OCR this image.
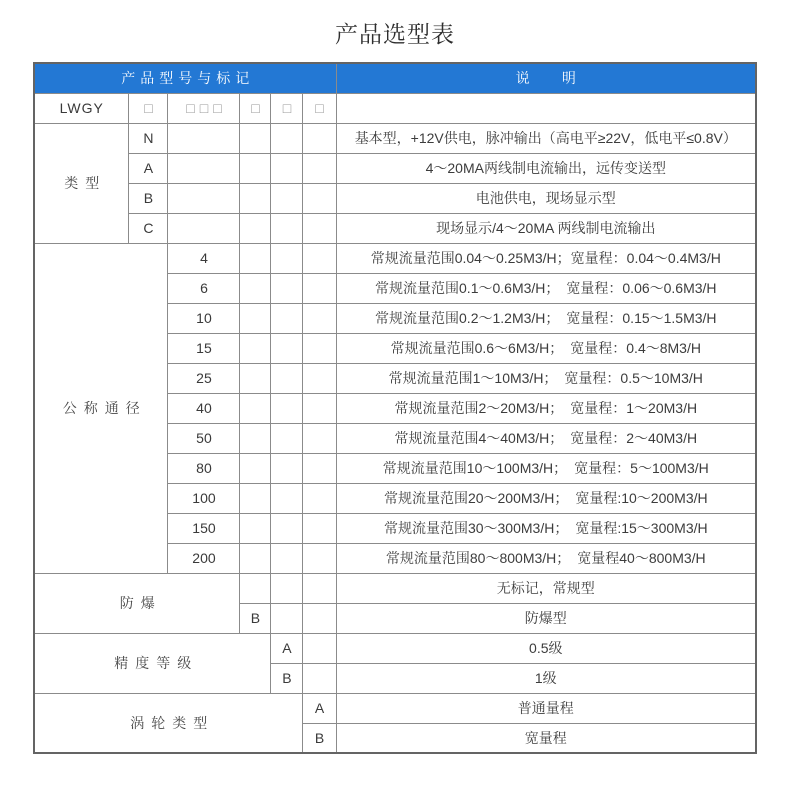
产品选型表
产品型号与标记						说明
LWGY	□	□□□	□	□	□	
类型	N					基本型，+12V供电，脉冲输出（高电平≥22V，低电平≤0.8V）
	A					4～20MA两线制电流输出，远传变送型
	B					电池供电，现场显示型
	C					现场显示/4～20MA 两线制电流输出
公称通径		4				常规流量范围0.04～0.25M3/H；宽量程：0.04～0.4M3/H
		6				常规流量范围0.1～0.6M3/H；　宽量程：0.06～0.6M3/H
		10				常规流量范围0.2～1.2M3/H；　宽量程：0.15～1.5M3/H
		15				常规流量范围0.6～6M3/H；　宽量程：0.4～8M3/H
		25				常规流量范围1～10M3/H；　宽量程：0.5～10M3/H
		40				常规流量范围2～20M3/H；　宽量程：1～20M3/H
		50				常规流量范围4～40M3/H；　宽量程：2～40M3/H
		80				常规流量范围10～100M3/H；　宽量程：5～100M3/H
		100				常规流量范围20～200M3/H；　宽量程:10～200M3/H
		150				常规流量范围30～300M3/H；　宽量程:15～300M3/H
		200				常规流量范围80～800M3/H；　宽量程40～800M3/H
防爆						无标记，常规型
			B			防爆型
精度等级				A		0.5级
				B		1级
涡轮类型					A	普通量程
					B	宽量程
